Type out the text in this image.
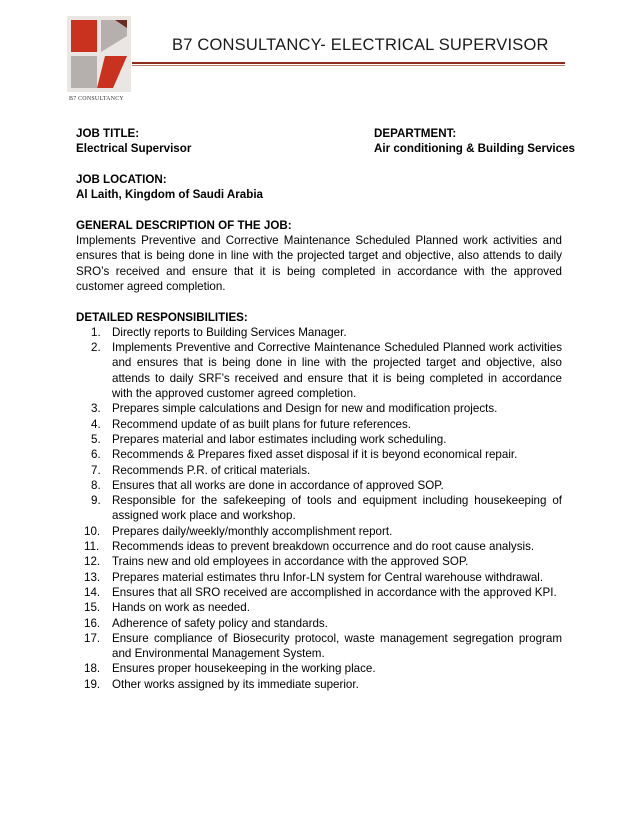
B7 CONSULTANCY
B7 CONSULTANCY- ELECTRICAL SUPERVISOR
JOB TITLE:	DEPARTMENT:
Electrical Supervisor	Air conditioning & Building Services
JOB LOCATION:
Al Laith, Kingdom of Saudi Arabia
GENERAL DESCRIPTION OF THE JOB:

Implements Preventive and Corrective Maintenance Scheduled Planned work activities and ensures that is being done in line with the projected target and objective, also attends to daily SRO’s received and ensure that it is being completed in accordance with the approved customer agreed completion.

DETAILED RESPONSIBILITIES:
1. Directly reports to Building Services Manager.
2. Implements Preventive and Corrective Maintenance Scheduled Planned work activities and ensures that is being done in line with the projected target and objective, also attends to daily SRF’s received and ensure that it is being completed in accordance with the approved customer agreed completion.
3. Prepares simple calculations and Design for new and modification projects.
4. Recommend update of as built plans for future references.
5. Prepares material and labor estimates including work scheduling.
6. Recommends & Prepares fixed asset disposal if it is beyond economical repair.
7. Recommends P.R. of critical materials.
8. Ensures that all works are done in accordance of approved SOP.
9. Responsible for the safekeeping of tools and equipment including housekeeping of assigned work place and workshop.
10. Prepares daily/weekly/monthly accomplishment report.
11. Recommends ideas to prevent breakdown occurrence and do root cause analysis.
12. Trains new and old employees in accordance with the approved SOP.
13. Prepares material estimates thru Infor-LN system for Central warehouse withdrawal.
14. Ensures that all SRO received are accomplished in accordance with the approved KPI.
15. Hands on work as needed.
16. Adherence of safety policy and standards.
17. Ensure compliance of Biosecurity protocol, waste management segregation program and Environmental Management System.
18. Ensures proper housekeeping in the working place.
19. Other works assigned by its immediate superior.
